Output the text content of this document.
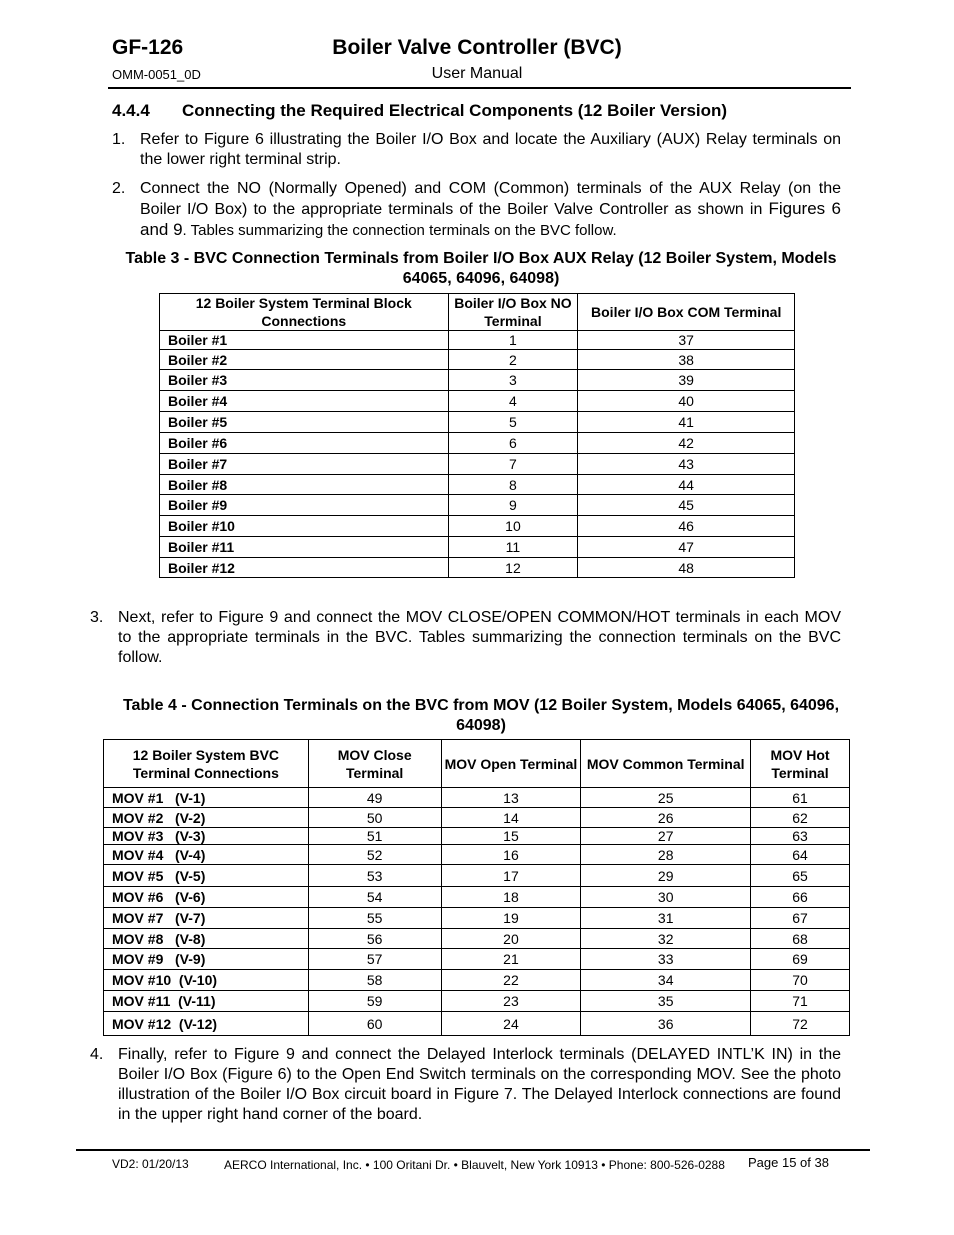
GF-126	Boiler Valve Controller (BVC)
OMM-0051_0D	User Manual
4.4.4 Connecting the Required Electrical Components (12 Boiler Version)
1. Refer to Figure 6 illustrating the Boiler I/O Box and locate the Auxiliary (AUX) Relay terminals on the lower right terminal strip.
2. Connect the NO (Normally Opened) and COM (Common) terminals of the AUX Relay (on the Boiler I/O Box) to the appropriate terminals of the Boiler Valve Controller as shown in Figures 6 and 9. Tables summarizing the connection terminals on the BVC follow.
Table 3 - BVC Connection Terminals from Boiler I/O Box AUX Relay (12 Boiler System, Models 64065, 64096, 64098)
12 Boiler System Terminal Block Connections	Boiler I/O Box NO Terminal	Boiler I/O Box COM Terminal
Boiler #1	1	37
Boiler #2	2	38
Boiler #3	3	39
Boiler #4	4	40
Boiler #5	5	41
Boiler #6	6	42
Boiler #7	7	43
Boiler #8	8	44
Boiler #9	9	45
Boiler #10	10	46
Boiler #11	11	47
Boiler #12	12	48
3. Next, refer to Figure 9 and connect the MOV CLOSE/OPEN COMMON/HOT terminals in each MOV to the appropriate terminals in the BVC. Tables summarizing the connection terminals on the BVC follow.
Table 4 - Connection Terminals on the BVC from MOV (12 Boiler System, Models 64065, 64096, 64098)
12 Boiler System BVC Terminal Connections	MOV Close Terminal	MOV Open Terminal	MOV Common Terminal	MOV Hot Terminal
MOV #1   (V-1)	49	13	25	61
MOV #2   (V-2)	50	14	26	62
MOV #3   (V-3)	51	15	27	63
MOV #4   (V-4)	52	16	28	64
MOV #5   (V-5)	53	17	29	65
MOV #6   (V-6)	54	18	30	66
MOV #7   (V-7)	55	19	31	67
MOV #8   (V-8)	56	20	32	68
MOV #9   (V-9)	57	21	33	69
MOV #10  (V-10)	58	22	34	70
MOV #11  (V-11)	59	23	35	71
MOV #12  (V-12)	60	24	36	72
4. Finally, refer to Figure 9 and connect the Delayed Interlock terminals (DELAYED INTL’K IN) in the Boiler I/O Box (Figure 6) to the Open End Switch terminals on the corresponding MOV. See the photo illustration of the Boiler I/O Box circuit board in Figure 7. The Delayed Interlock connections are found in the upper right hand corner of the board.
VD2: 01/20/13	AERCO International, Inc. • 100 Oritani Dr. • Blauvelt, New York 10913 • Phone: 800-526-0288 Page 15 of 38
